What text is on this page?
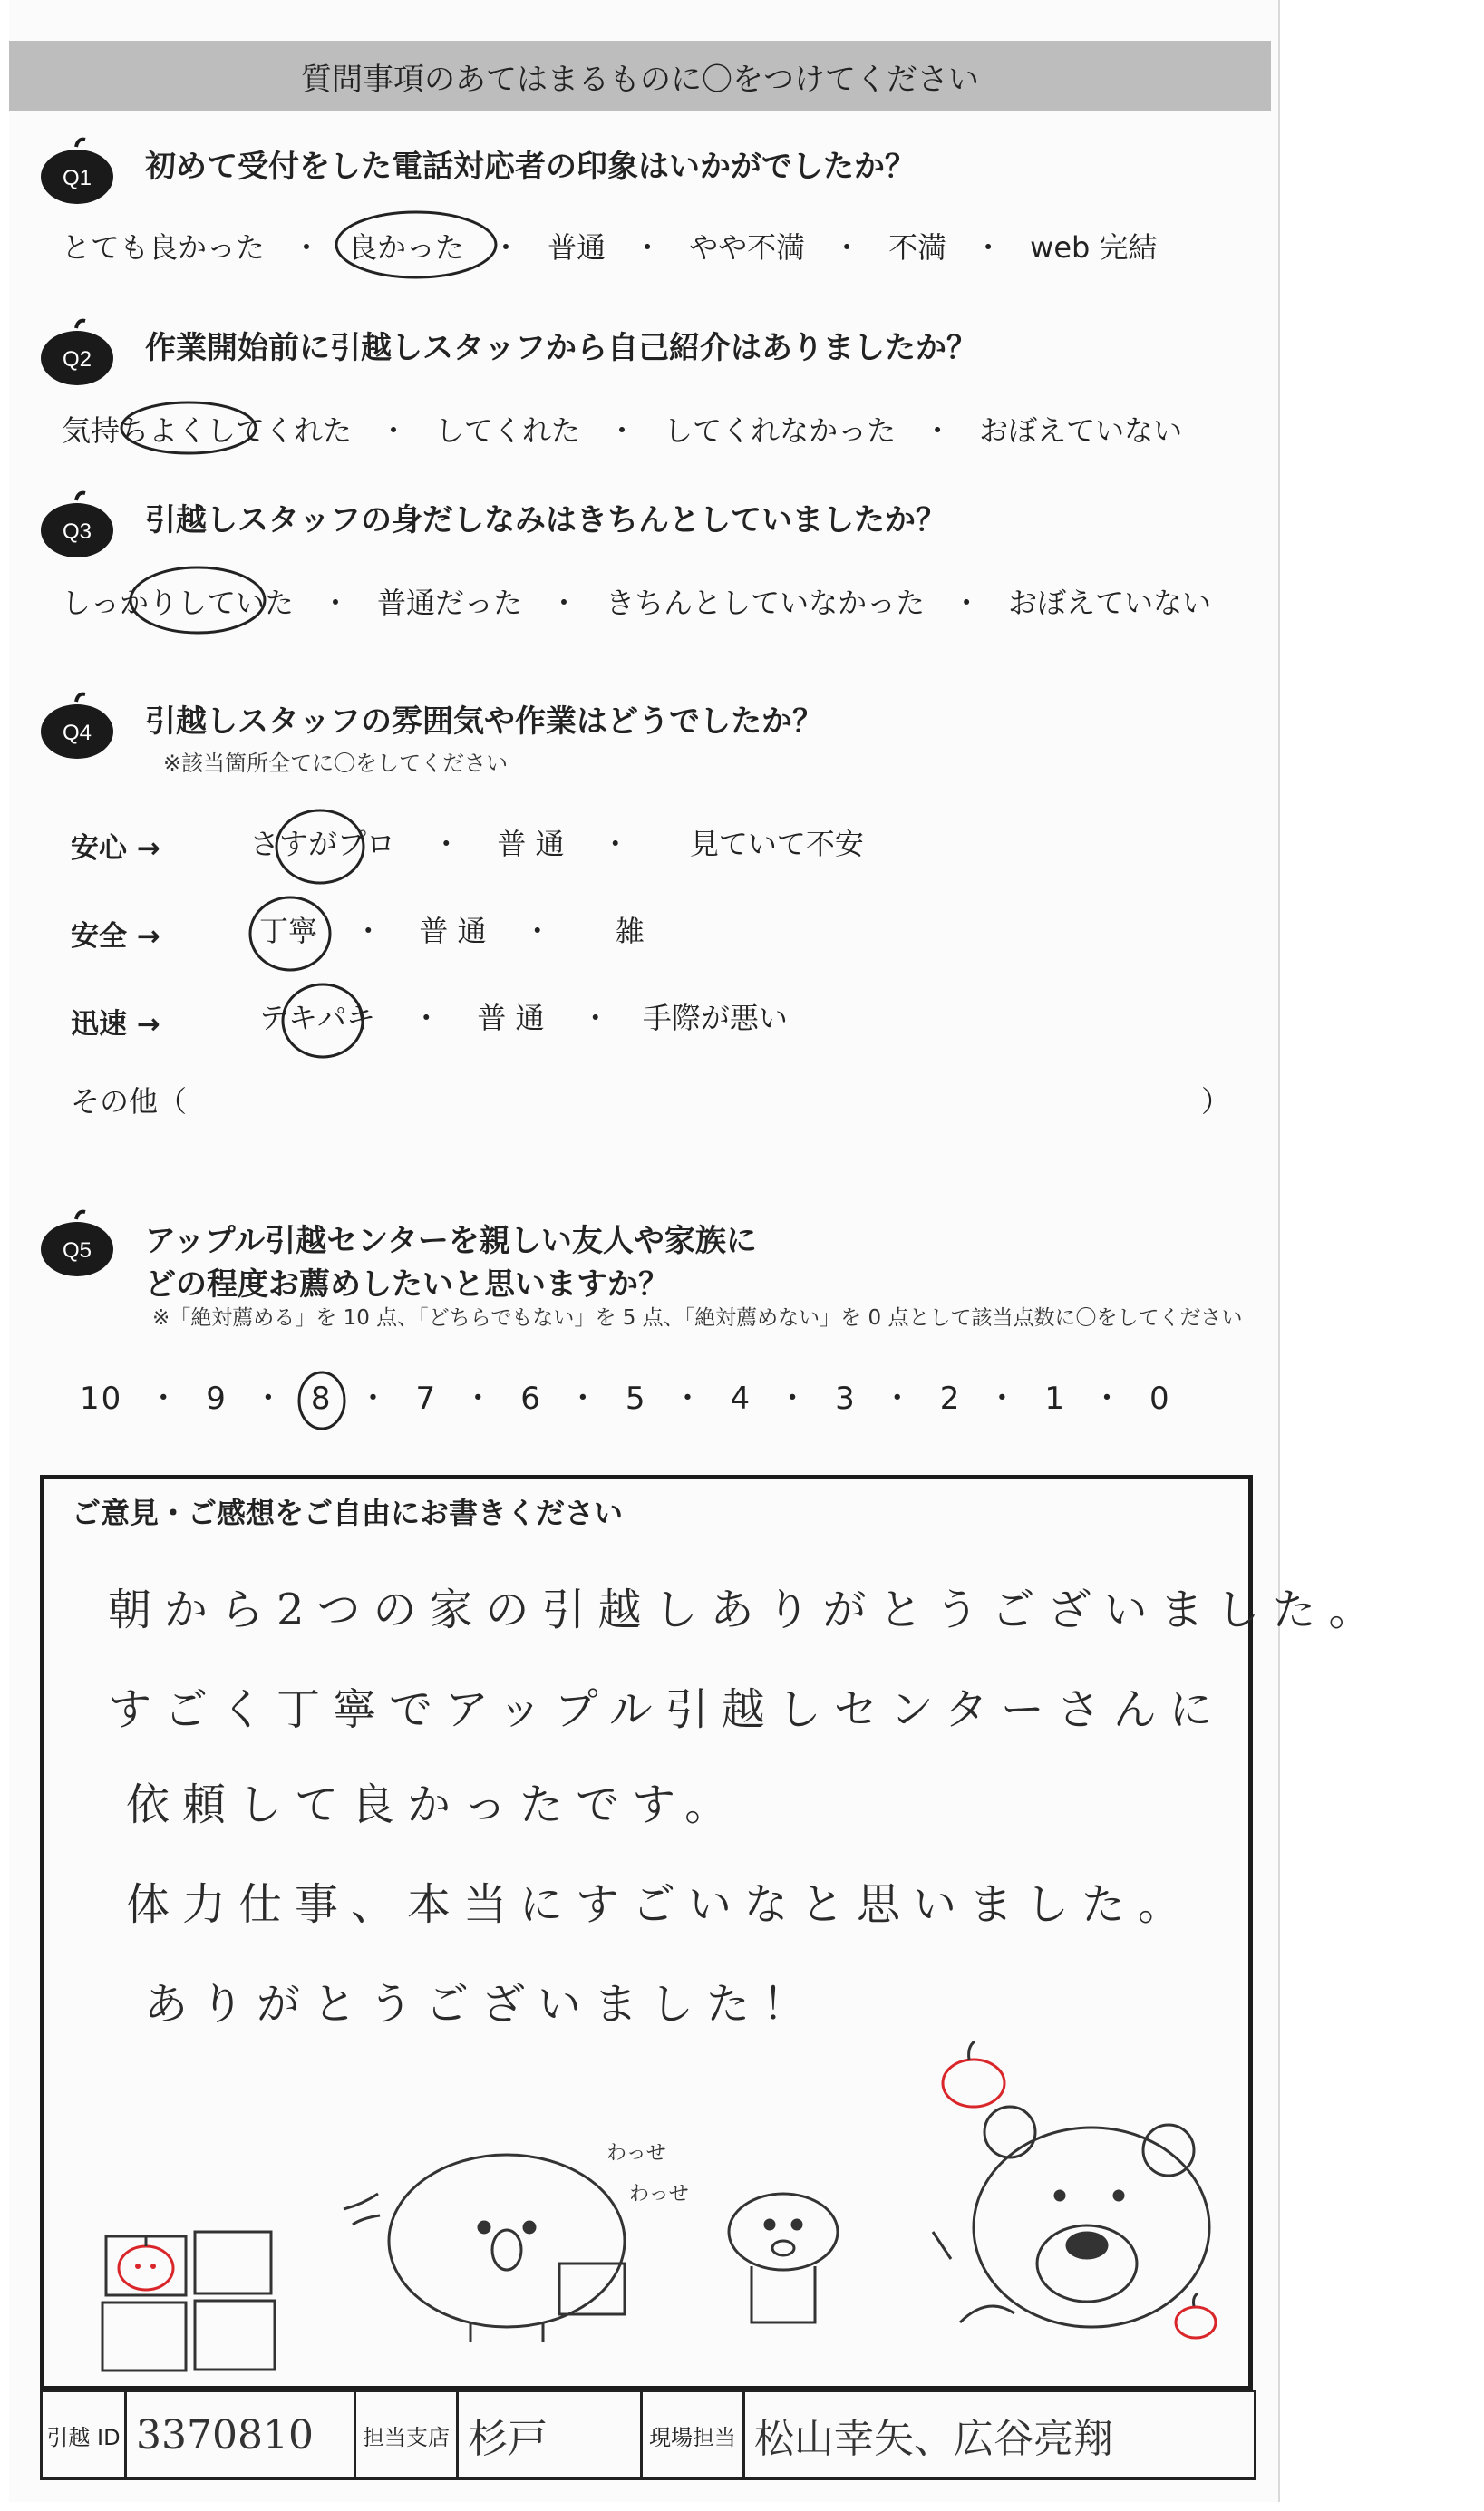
質問事項のあてはまるものに〇をつけてください
Q1 初めて受付をした電話対応者の印象はいかがでしたか？
とても良かった ・ 良かった ・ 普通 ・ やや不満 ・ 不満 ・ web 完結
Q2 作業開始前に引越しスタッフから自己紹介はありましたか？
気持ちよくしてくれた ・ してくれた ・ してくれなかった ・ おぼえていない
Q3 引越しスタッフの身だしなみはきちんとしていましたか？
しっかりしていた ・ 普通だった ・ きちんとしていなかった ・ おぼえていない
Q4 引越しスタッフの雰囲気や作業はどうでしたか？
※該当箇所全てに〇をしてください
安心 →	さすがプロ ・ 普 通 ・ 見ていて不安
安全 →	丁寧 ・ 普 通 ・ 雑
迅速 →	テキパキ ・ 普 通 ・ 手際が悪い
その他（	）
Q5 アップル引越センターを親しい友人や家族に
どの程度お薦めしたいと思いますか？
※「絶対薦める」を 10 点、「どちらでもない」を 5 点、「絶対薦めない」を 0 点として該当点数に〇をしてください
10 ・ 9 ・ 8 ・ 7 ・ 6 ・ 5 ・ 4 ・ 3 ・ 2 ・ 1 ・ 0
ご意見・ご感想をご自由にお書きください
朝から2つの家の引越しありがとうございました。
すごく丁寧でアップル引越しセンターさんに
依頼して良かったです。
体力仕事、本当にすごいなと思いました。
ありがとうございました！
わっせ
わっせ
引越 ID 3370810	担当支店 杉戸	現場担当 松山幸矢、広谷亮翔
